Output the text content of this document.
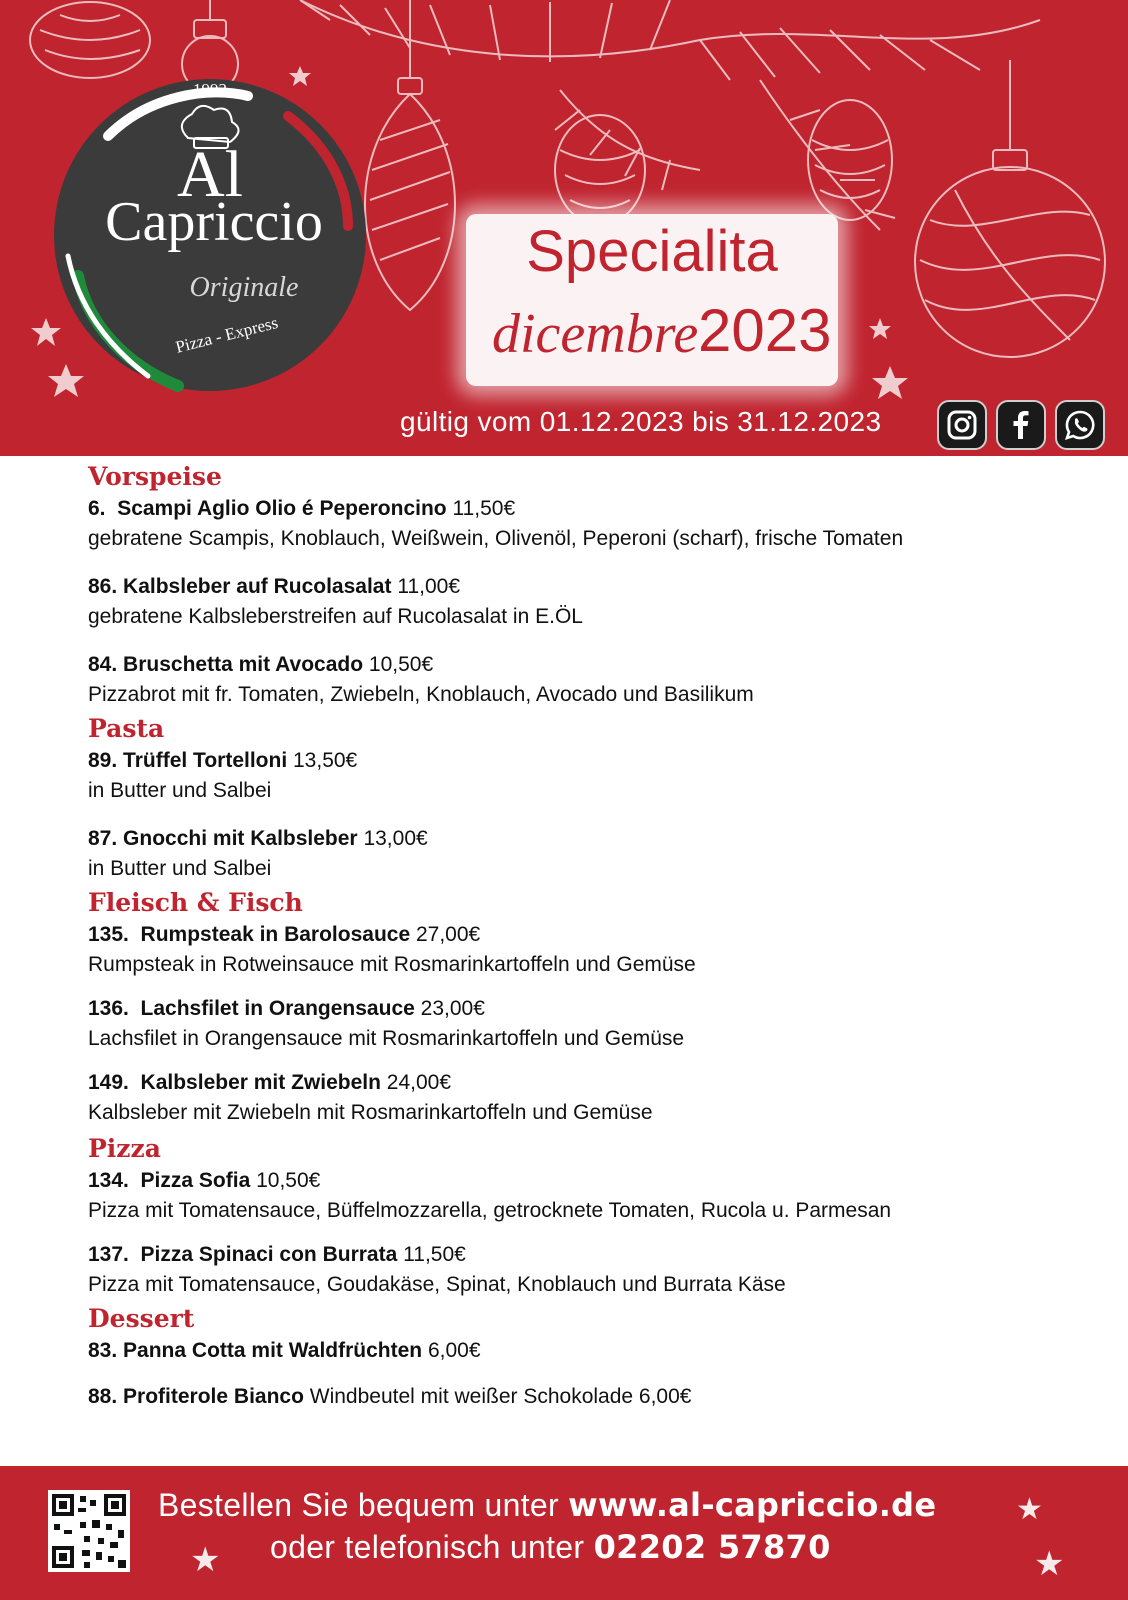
1992
Al
Capriccio
Originale
Pizza - Express
Specialita
dicembre 2023
gültig vom 01.12.2023 bis 31.12.2023
Vorspeise
6. Scampi Aglio Olio é Peperoncino 11,50€
gebratene Scampis, Knoblauch, Weißwein, Olivenöl, Peperoni (scharf), frische Tomaten
86. Kalbsleber auf Rucolasalat 11,00€
gebratene Kalbsleberstreifen auf Rucolasalat in E.ÖL
84. Bruschetta mit Avocado 10,50€
Pizzabrot mit fr. Tomaten, Zwiebeln, Knoblauch, Avocado und Basilikum
Pasta
89. Trüffel Tortelloni 13,50€
in Butter und Salbei
87. Gnocchi mit Kalbsleber 13,00€
in Butter und Salbei
Fleisch & Fisch
135. Rumpsteak in Barolosauce 27,00€
Rumpsteak in Rotweinsauce mit Rosmarinkartoffeln und Gemüse
136. Lachsfilet in Orangensauce 23,00€
Lachsfilet in Orangensauce mit Rosmarinkartoffeln und Gemüse
149. Kalbsleber mit Zwiebeln 24,00€
Kalbsleber mit Zwiebeln mit Rosmarinkartoffeln und Gemüse
Pizza
134. Pizza Sofia 10,50€
Pizza mit Tomatensauce, Büffelmozzarella, getrocknete Tomaten, Rucola u. Parmesan
137. Pizza Spinaci con Burrata 11,50€
Pizza mit Tomatensauce, Goudakäse, Spinat, Knoblauch und Burrata Käse
Dessert
83. Panna Cotta mit Waldfrüchten 6,00€
88. Profiterole Bianco Windbeutel mit weißer Schokolade 6,00€
Bestellen Sie bequem unter www.al-capriccio.de
oder telefonisch unter 02202 57870
★
★	★
